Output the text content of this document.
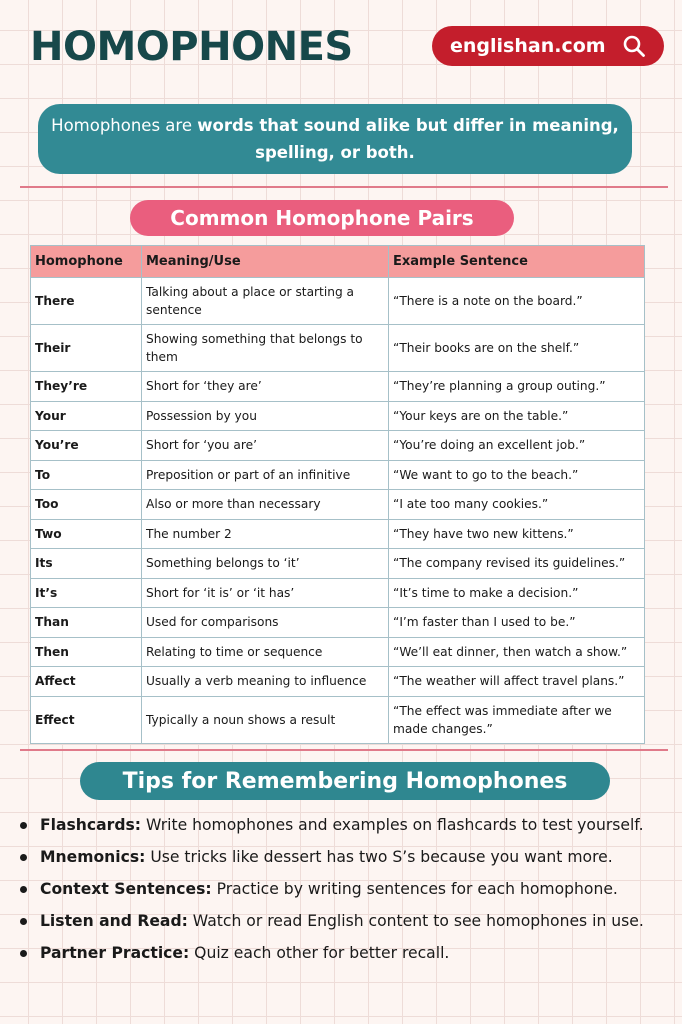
HOMOPHONES	englishan.com
Homophones are words that sound alike but differ in meaning, spelling, or both.
Common Homophone Pairs
Homophone	Meaning/Use	Example Sentence
There	Talking about a place or starting a sentence	“There is a note on the board.”
Their	Showing something that belongs to them	“Their books are on the shelf.”
They’re	Short for ‘they are’	“They’re planning a group outing.”
Your	Possession by you	“Your keys are on the table.”
You’re	Short for ‘you are’	“You’re doing an excellent job.”
To	Preposition or part of an infinitive	“We want to go to the beach.”
Too	Also or more than necessary	“I ate too many cookies.”
Two	The number 2	“They have two new kittens.”
Its	Something belongs to ‘it’	“The company revised its guidelines.”
It’s	Short for ‘it is’ or ‘it has’	“It’s time to make a decision.”
Than	Used for comparisons	“I’m faster than I used to be.”
Then	Relating to time or sequence	“We’ll eat dinner, then watch a show.”
Affect	Usually a verb meaning to influence	“The weather will affect travel plans.”
Effect	Typically a noun shows a result	“The effect was immediate after we made changes.”
Tips for Remembering Homophones
Flashcards: Write homophones and examples on flashcards to test yourself.
Mnemonics: Use tricks like dessert has two S’s because you want more.
Context Sentences: Practice by writing sentences for each homophone.
Listen and Read: Watch or read English content to see homophones in use.
Partner Practice: Quiz each other for better recall.
